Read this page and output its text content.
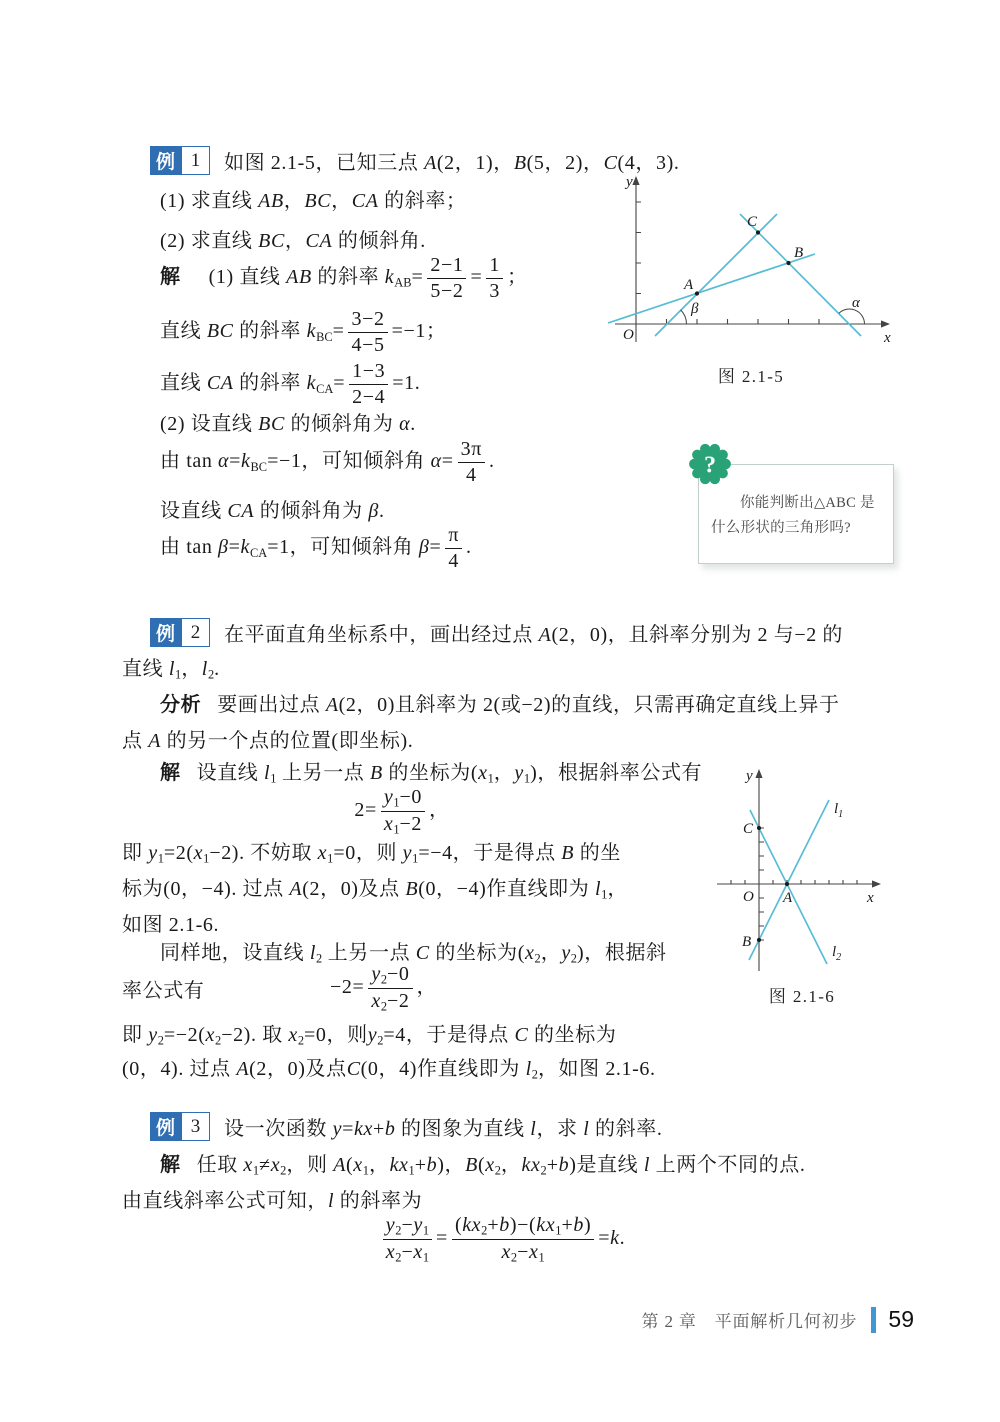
例 1	如图 2.1-5，已知三点 A(2，1)，B(5，2)，C(4，3).
(1) 求直线 AB，BC，CA 的斜率；
(2) 求直线 BC，CA 的倾斜角.
解 (1) 直线 AB 的斜率 $k_{AB}= \frac{2-1}{5-2} = \frac{1}{3}$ ；
直线 BC 的斜率 $k_{BC}= \frac{3-2}{4-5} =-1$；
直线 CA 的斜率 $k_{CA}= \frac{1-3}{2-4} =1$.
(2) 设直线 BC 的倾斜角为 α.
由 $\tan \alpha=k_{BC}=-1$，可知倾斜角 $\alpha= \frac{3\pi}{4}$ .
设直线 CA 的倾斜角为 β.
由 $\tan \beta=k_{CA}=1$，可知倾斜角 $\beta= \frac{\pi}{4}$ .
A
B
C
β	α
O	x
y
图 2.1-5
?
你能判断出△ABC 是
什么形状的三角形吗?
例 2	在平面直角坐标系中，画出经过点 A(2，0)，且斜率分别为 2 与−2 的
直线 $l_1$，$l_2$.
分析 要画出过点 A(2，0)且斜率为 2(或−2)的直线，只需再确定直线上异于
点 A 的另一个点的位置(即坐标).
解 设直线 $l_1$ 上另一点 B 的坐标为($x_1$，$y_1$)，根据斜率公式有
$2= \frac{y_1-0}{x_1-2}$ ，
即 $y_1=2(x_1-2)$. 不妨取 $x_1=0$，则 $y_1=-4$，于是得点 B 的坐
标为(0，−4). 过点 A(2，0)及点 B(0，−4)作直线即为 $l_1$，
如图 2.1-6.
同样地，设直线 $l_2$ 上另一点 C 的坐标为($x_2$，$y_2$)，根据斜
率公式有	$-2= \frac{y_2-0}{x_2-2}$ ，
即 $y_2=-2(x_2-2)$. 取 $x_2=0$，则$y_2=4$，于是得点 C 的坐标为
(0，4). 过点 A(2，0)及点C(0，4)作直线即为 $l_2$，如图 2.1-6.
C
B
A
$l_1$
$l_2$
O	x
y
图 2.1-6
例 3	设一次函数 y=kx+b 的图象为直线 l，求 l 的斜率.
解 任取 $x_1\ne x_2$，则 $A(x_1$，$kx_1+b$)，$B(x_2$，$kx_2+b$)是直线 l 上两个不同的点.
由直线斜率公式可知，l 的斜率为
$\frac{y_2-y_1}{x_2-x_1} = \frac{(kx_2+b)-(kx_1+b)}{x_2-x_1} =k$.
第 2 章　平面解析几何初步 59
